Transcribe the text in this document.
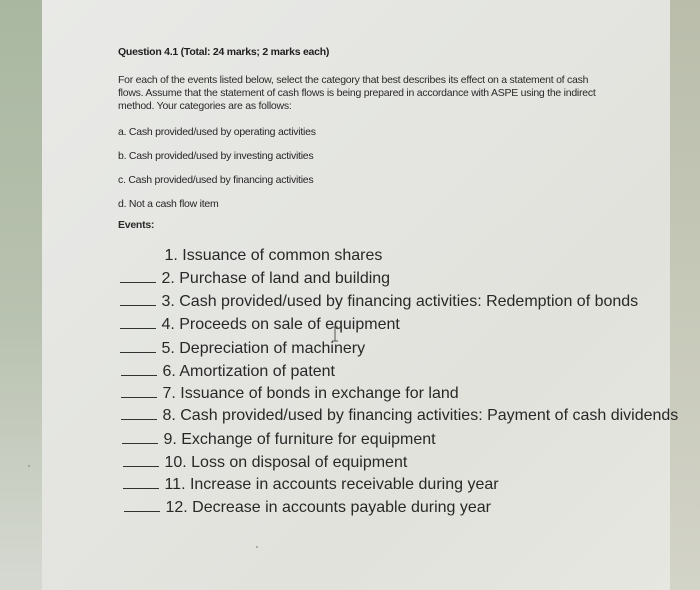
Question 4.1 (Total: 24 marks; 2 marks each)
For each of the events listed below, select the category that best describes its effect on a statement of cash flows. Assume that the statement of cash flows is being prepared in accordance with ASPE using the indirect method. Your categories are as follows:
a. Cash provided/used by operating activities
b. Cash provided/used by investing activities
c. Cash provided/used by financing activities
d. Not a cash flow item
Events:
1. Issuance of common shares
2. Purchase of land and building
3. Cash provided/used by financing activities: Redemption of bonds
4. Proceeds on sale of equipment
5. Depreciation of machinery
6. Amortization of patent
7. Issuance of bonds in exchange for land
8. Cash provided/used by financing activities: Payment of cash dividends
9. Exchange of furniture for equipment
10. Loss on disposal of equipment
11. Increase in accounts receivable during year
12. Decrease in accounts payable during year
